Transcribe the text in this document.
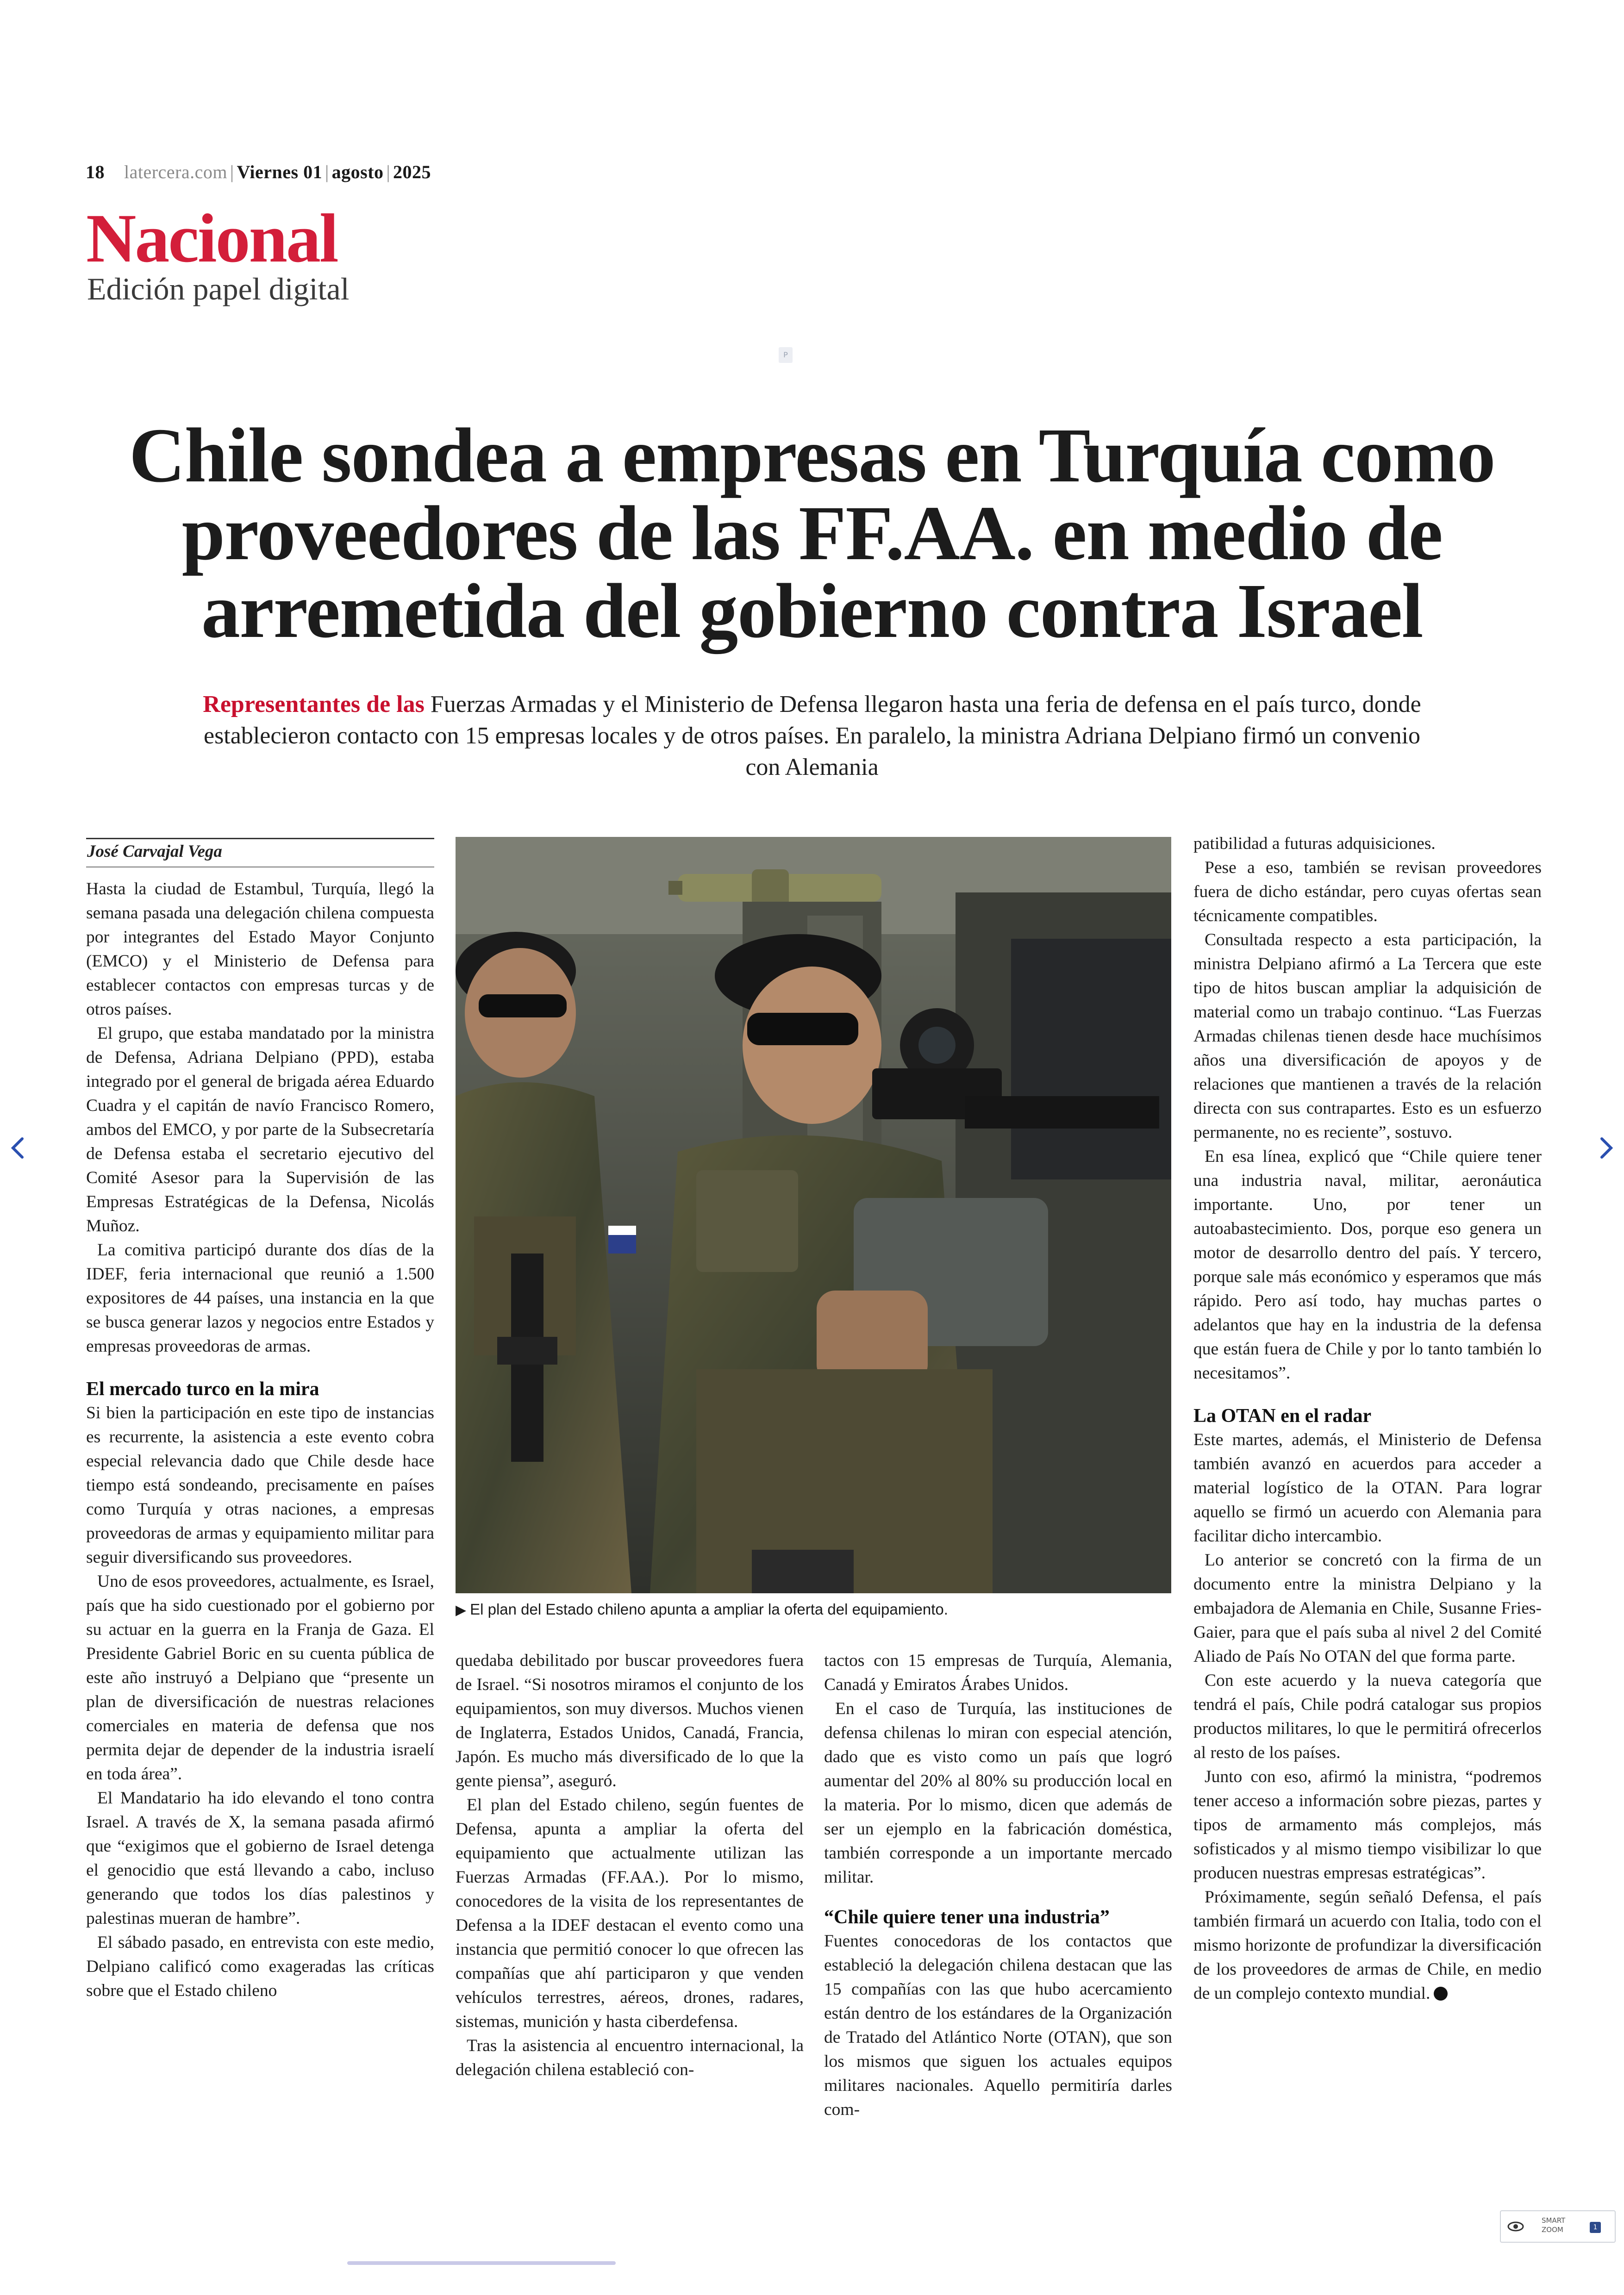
18 latercera.com | Viernes 01 | agosto | 2025
Nacional
Edición papel digital
P
Chile sondea a empresas en Turquía como proveedores de las FF.AA. en medio de arremetida del gobierno contra Israel
Representantes de las Fuerzas Armadas y el Ministerio de Defensa llegaron hasta una feria de defensa en el país turco, donde establecieron contacto con 15 empresas locales y de otros países. En paralelo, la ministra Adriana Delpiano firmó un convenio con Alemania
José Carvajal Vega

Hasta la ciudad de Estambul, Turquía, llegó la semana pasada una delegación chilena compuesta por integrantes del Estado Mayor Conjunto (EMCO) y el Ministerio de Defensa para establecer contactos con empresas turcas y de otros países.

El grupo, que estaba mandatado por la ministra de Defensa, Adriana Delpiano (PPD), estaba integrado por el general de brigada aérea Eduardo Cuadra y el capitán de navío Francisco Romero, ambos del EMCO, y por parte de la Subsecretaría de Defensa estaba el secretario ejecutivo del Comité Asesor para la Supervisión de las Empresas Estratégicas de la Defensa, Nicolás Muñoz.

La comitiva participó durante dos días de la IDEF, feria internacional que reunió a 1.500 expositores de 44 países, una instancia en la que se busca generar lazos y negocios entre Estados y empresas proveedoras de armas.

El mercado turco en la mira

Si bien la participación en este tipo de instancias es recurrente, la asistencia a este evento cobra especial relevancia dado que Chile desde hace tiempo está sondeando, precisamente en países como Turquía y otras naciones, a empresas proveedoras de armas y equipamiento militar para seguir diversificando sus proveedores.

Uno de esos proveedores, actualmente, es Israel, país que ha sido cuestionado por el gobierno por su actuar en la guerra en la Franja de Gaza. El Presidente Gabriel Boric en su cuenta pública de este año instruyó a Delpiano que “presente un plan de diversificación de nuestras relaciones comerciales en materia de defensa que nos permita dejar de depender de la industria israelí en toda área”.

El Mandatario ha ido elevando el tono contra Israel. A través de X, la semana pasada afirmó que “exigimos que el gobierno de Israel detenga el genocidio que está llevando a cabo, incluso generando que todos los días palestinos y palestinas mueran de hambre”.

El sábado pasado, en entrevista con este medio, Delpiano calificó como exageradas las críticas sobre que el Estado chileno

▶ El plan del Estado chileno apunta a ampliar la oferta del equipamiento.

quedaba debilitado por buscar proveedores fuera de Israel. “Si nosotros miramos el conjunto de los equipamientos, son muy diversos. Muchos vienen de Inglaterra, Estados Unidos, Canadá, Francia, Japón. Es mucho más diversificado de lo que la gente piensa”, aseguró.

El plan del Estado chileno, según fuentes de Defensa, apunta a ampliar la oferta del equipamiento que actualmente utilizan las Fuerzas Armadas (FF.AA.). Por lo mismo, conocedores de la visita de los representantes de Defensa a la IDEF destacan el evento como una instancia que permitió conocer lo que ofrecen las compañías que ahí participaron y que venden vehículos terrestres, aéreos, drones, radares, sistemas, munición y hasta ciberdefensa.

Tras la asistencia al encuentro internacional, la delegación chilena estableció con-

tactos con 15 empresas de Turquía, Alemania, Canadá y Emiratos Árabes Unidos.

En el caso de Turquía, las instituciones de defensa chilenas lo miran con especial atención, dado que es visto como un país que logró aumentar del 20% al 80% su producción local en la materia. Por lo mismo, dicen que además de ser un ejemplo en la fabricación doméstica, también corresponde a un importante mercado militar.

“Chile quiere tener una industria”

Fuentes conocedoras de los contactos que estableció la delegación chilena destacan que las 15 compañías con las que hubo acercamiento están dentro de los estándares de la Organización de Tratado del Atlántico Norte (OTAN), que son los mismos que siguen los actuales equipos militares nacionales. Aquello permitiría darles com-

patibilidad a futuras adquisiciones.

Pese a eso, también se revisan proveedores fuera de dicho estándar, pero cuyas ofertas sean técnicamente compatibles.

Consultada respecto a esta participación, la ministra Delpiano afirmó a La Tercera que este tipo de hitos buscan ampliar la adquisición de material como un trabajo continuo. “Las Fuerzas Armadas chilenas tienen desde hace muchísimos años una diversificación de apoyos y de relaciones que mantienen a través de la relación directa con sus contrapartes. Esto es un esfuerzo permanente, no es reciente”, sostuvo.

En esa línea, explicó que “Chile quiere tener una industria naval, militar, aeronáutica importante. Uno, por tener un autoabastecimiento. Dos, porque eso genera un motor de desarrollo dentro del país. Y tercero, porque sale más económico y esperamos que más rápido. Pero así todo, hay muchas partes o adelantos que hay en la industria de la defensa que están fuera de Chile y por lo tanto también lo necesitamos”.

La OTAN en el radar

Este martes, además, el Ministerio de Defensa también avanzó en acuerdos para acceder a material logístico de la OTAN. Para lograr aquello se firmó un acuerdo con Alemania para facilitar dicho intercambio.

Lo anterior se concretó con la firma de un documento entre la ministra Delpiano y la embajadora de Alemania en Chile, Susanne Fries-Gaier, para que el país suba al nivel 2 del Comité Aliado de País No OTAN del que forma parte.

Con este acuerdo y la nueva categoría que tendrá el país, Chile podrá catalogar sus propios productos militares, lo que le permitirá ofrecerlos al resto de los países.

Junto con eso, afirmó la ministra, “podremos tener acceso a información sobre piezas, partes y tipos de armamento más complejos, más sofisticados y al mismo tiempo visibilizar lo que producen nuestras empresas estratégicas”.

Próximamente, según señaló Defensa, el país también firmará un acuerdo con Italia, todo con el mismo horizonte de profundizar la diversificación de los proveedores de armas de Chile, en medio de un complejo contexto mundial.

SMART
ZOOM	1
